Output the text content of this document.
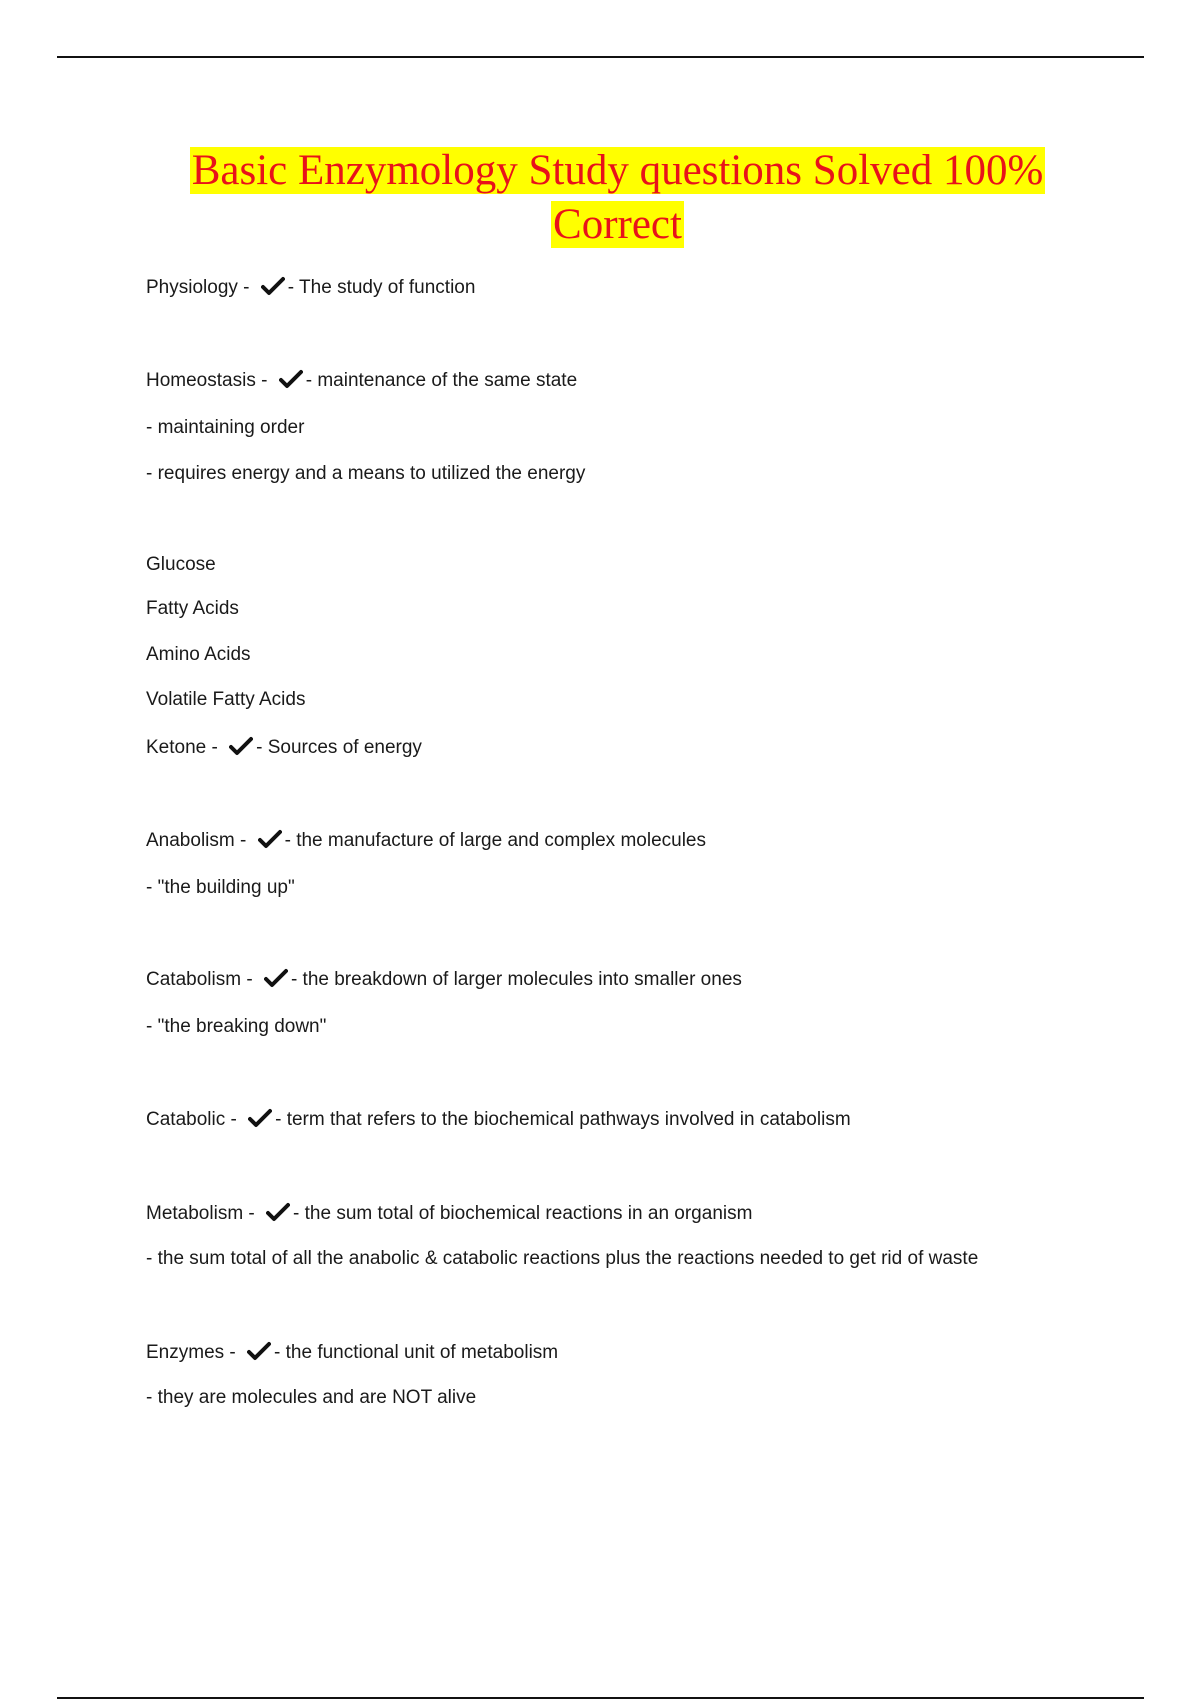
Basic Enzymology Study questions Solved 100%
Correct
Physiology - - The study of function
Homeostasis - - maintenance of the same state
- maintaining order
- requires energy and a means to utilized the energy
Glucose
Fatty Acids
Amino Acids
Volatile Fatty Acids
Ketone - - Sources of energy
Anabolism - - the manufacture of large and complex molecules
- "the building up"
Catabolism - - the breakdown of larger molecules into smaller ones
- "the breaking down"
Catabolic - - term that refers to the biochemical pathways involved in catabolism
Metabolism - - the sum total of biochemical reactions in an organism
- the sum total of all the anabolic & catabolic reactions plus the reactions needed to get rid of waste
Enzymes - - the functional unit of metabolism
- they are molecules and are NOT alive
